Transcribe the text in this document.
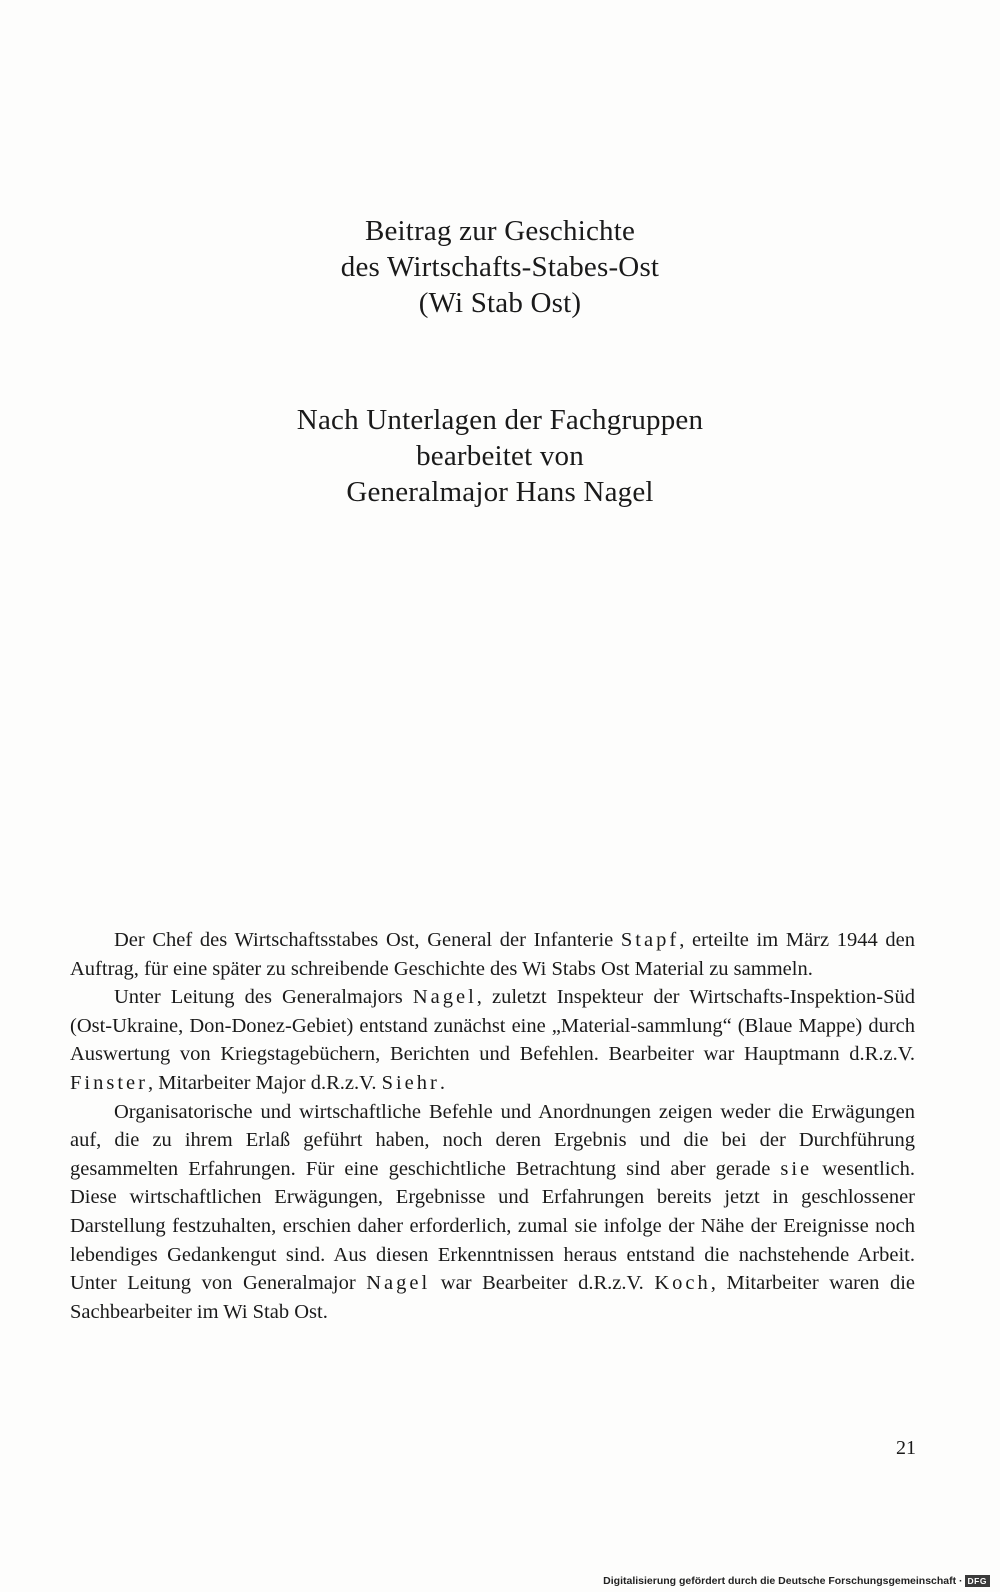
Beitrag zur Geschichte
des Wirtschafts-Stabes-Ost
(Wi Stab Ost)
Nach Unterlagen der Fachgruppen
bearbeitet von
Generalmajor Hans Nagel

Der Chef des Wirtschaftsstabes Ost, General der Infanterie Stapf, erteilte im März 1944 den Auftrag, für eine später zu schreibende Geschichte des Wi Stabs Ost Material zu sammeln.

Unter Leitung des Generalmajors Nagel, zuletzt Inspekteur der Wirtschafts-Inspektion-Süd (Ost-Ukraine, Don-Donez-Gebiet) entstand zunächst eine „Material-sammlung“ (Blaue Mappe) durch Auswertung von Kriegstagebüchern, Berichten und Befehlen. Bearbeiter war Hauptmann d.R.z.V. Finster, Mitarbeiter Major d.R.z.V. Siehr.

Organisatorische und wirtschaftliche Befehle und Anordnungen zeigen weder die Erwägungen auf, die zu ihrem Erlaß geführt haben, noch deren Ergebnis und die bei der Durchführung gesammelten Erfahrungen. Für eine geschichtliche Betrachtung sind aber gerade sie wesentlich. Diese wirtschaftlichen Erwägungen, Ergebnisse und Erfahrungen bereits jetzt in geschlossener Darstellung festzuhalten, erschien daher erforderlich, zumal sie infolge der Nähe der Ereignisse noch lebendiges Gedankengut sind. Aus diesen Erkenntnissen heraus entstand die nachstehende Arbeit. Unter Leitung von Generalmajor Nagel war Bearbeiter d.R.z.V. Koch, Mitarbeiter waren die Sachbearbeiter im Wi Stab Ost.

21
Digitalisierung gefördert durch die Deutsche Forschungsgemeinschaft · DFG
